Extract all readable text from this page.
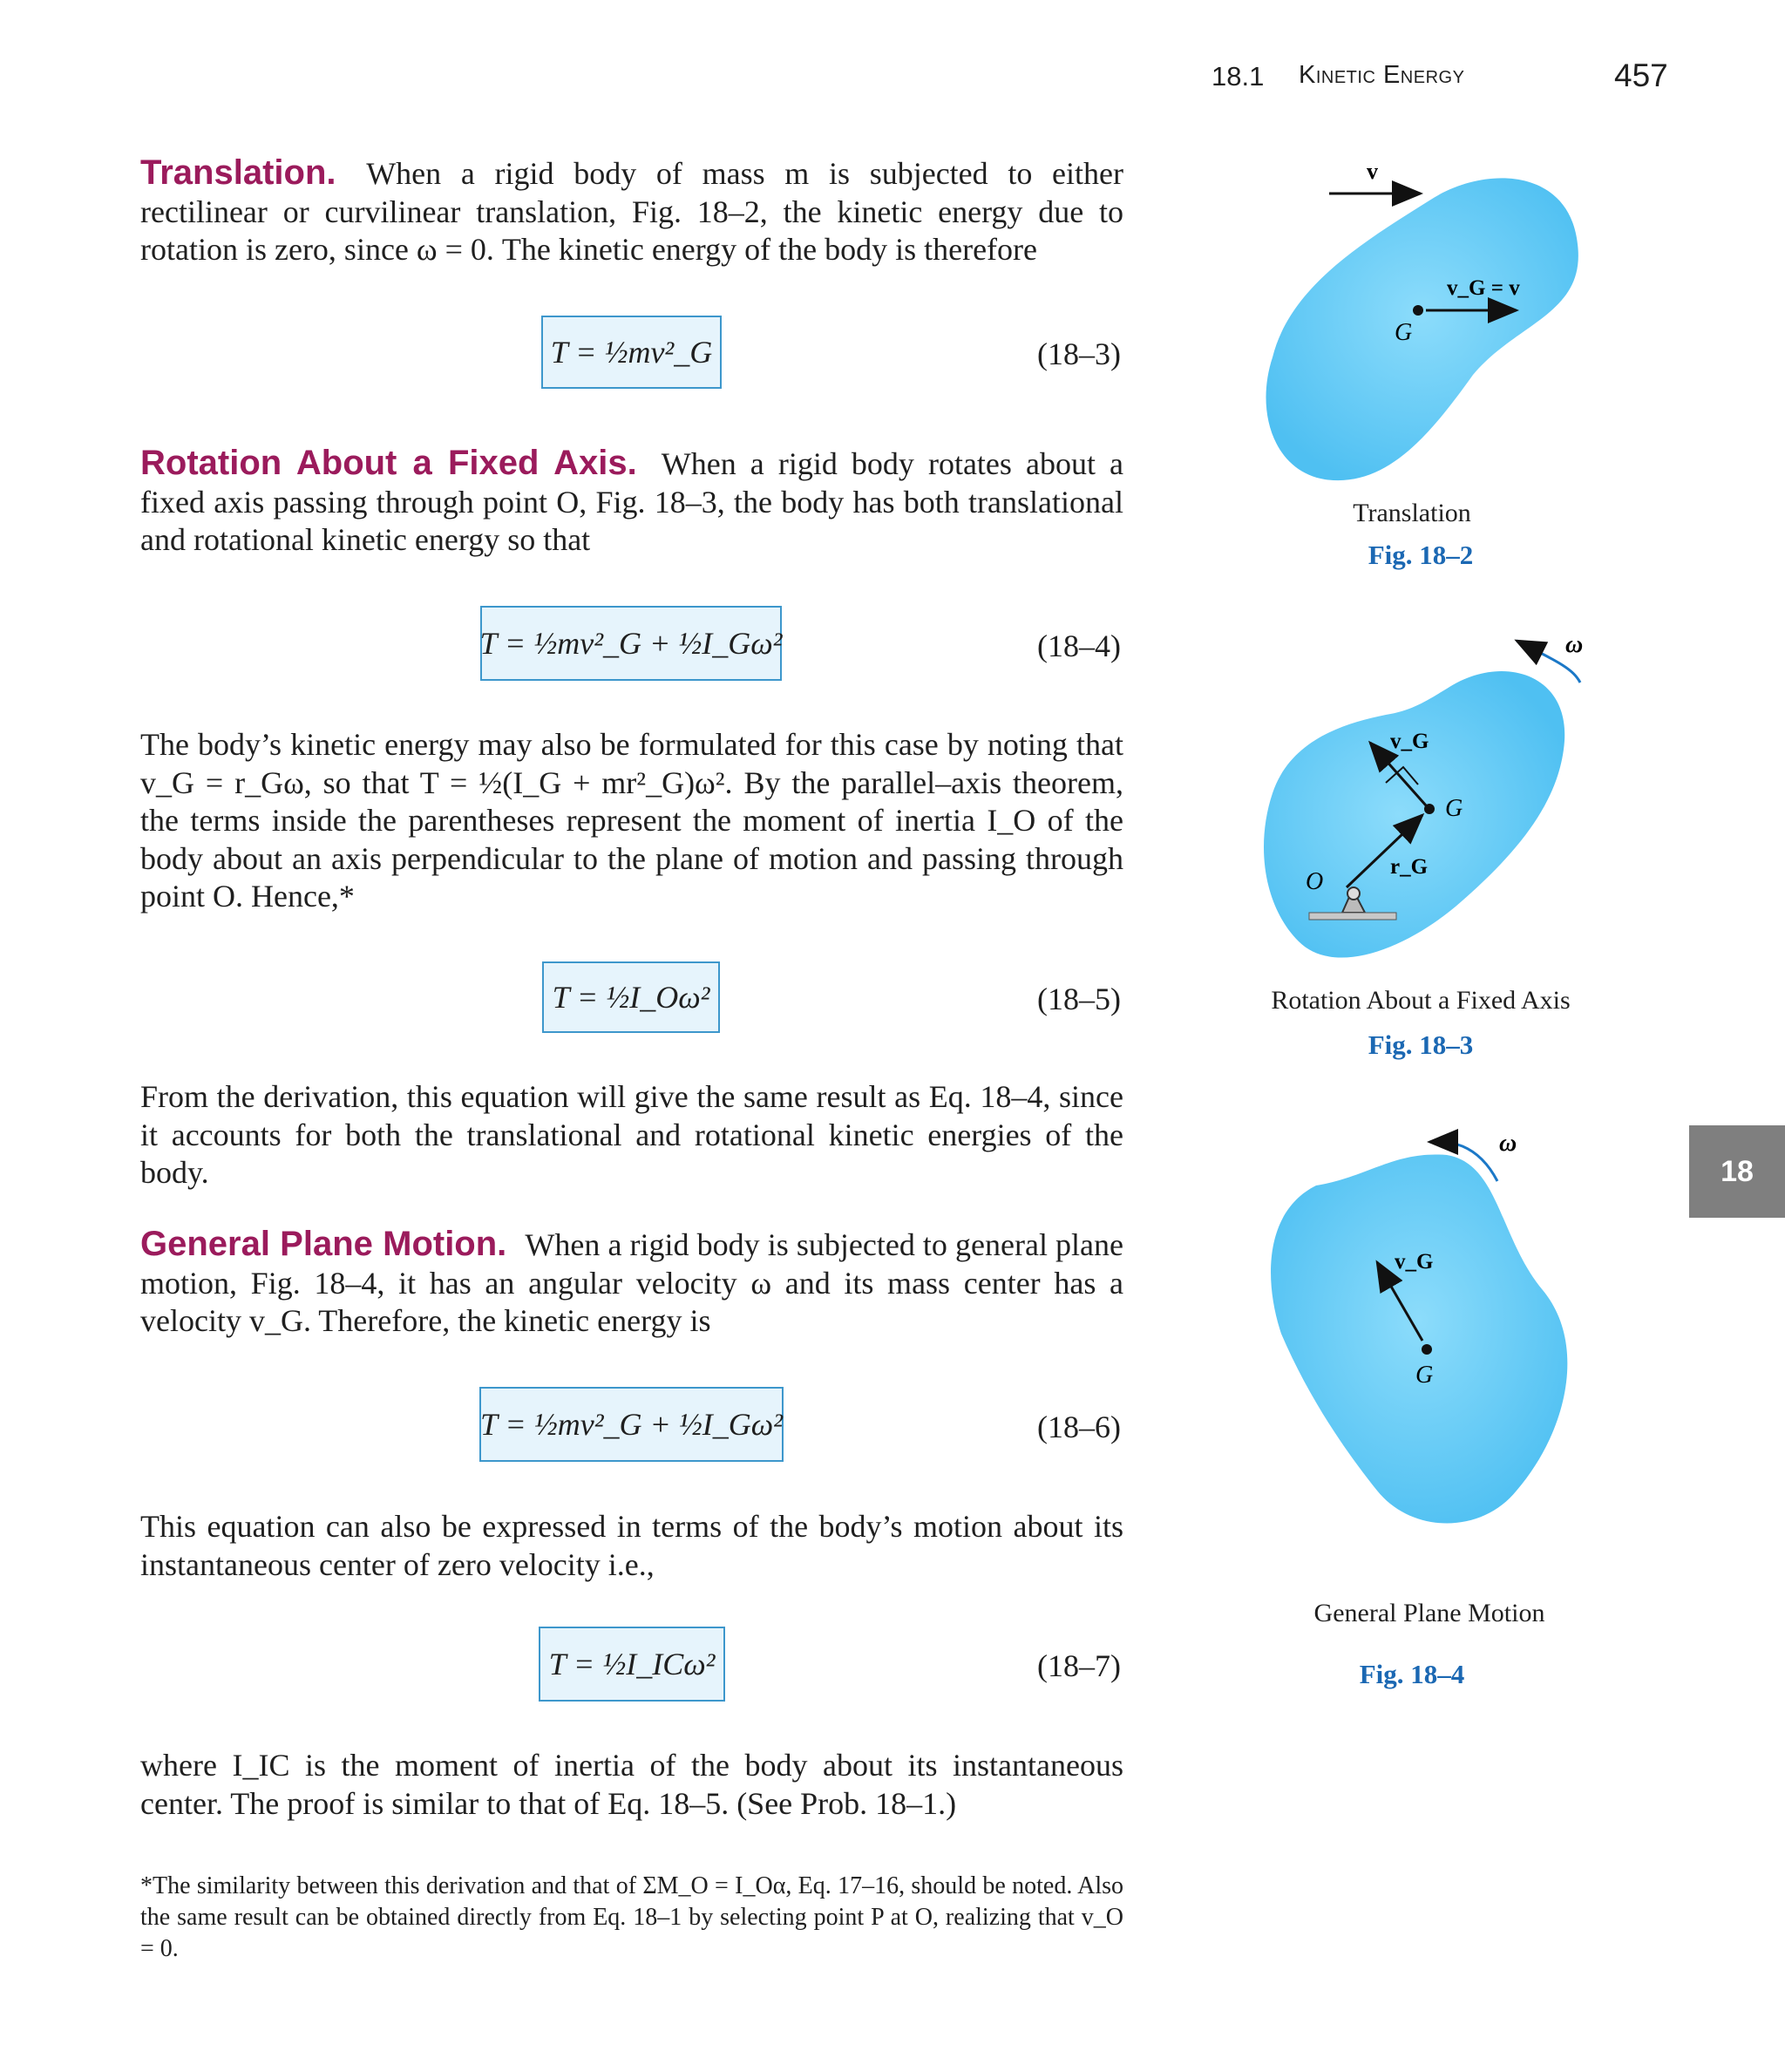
18.1 Kinetic Energy	457
Translation. When a rigid body of mass m is subjected to either rectilinear or curvilinear translation, Fig. 18–2, the kinetic energy due to rotation is zero, since ω = 0. The kinetic energy of the body is therefore
T = ½mv²_G	(18–3)
Rotation About a Fixed Axis. When a rigid body rotates about a fixed axis passing through point O, Fig. 18–3, the body has both translational and rotational kinetic energy so that
T = ½mv²_G + ½I_Gω²	(18–4)
The body’s kinetic energy may also be formulated for this case by noting that v_G = r_Gω, so that T = ½(I_G + mr²_G)ω². By the parallel–axis theorem, the terms inside the parentheses represent the moment of inertia I_O of the body about an axis perpendicular to the plane of motion and passing through point O. Hence,*
T = ½I_Oω²	(18–5)
From the derivation, this equation will give the same result as Eq. 18–4, since it accounts for both the translational and rotational kinetic energies of the body.
General Plane Motion. When a rigid body is subjected to general plane motion, Fig. 18–4, it has an angular velocity ω and its mass center has a velocity v_G. Therefore, the kinetic energy is
T = ½mv²_G + ½I_Gω²	(18–6)
This equation can also be expressed in terms of the body’s motion about its instantaneous center of zero velocity i.e.,
T = ½I_ICω²	(18–7)
where I_IC is the moment of inertia of the body about its instantaneous center. The proof is similar to that of Eq. 18–5. (See Prob. 18–1.)
*The similarity between this derivation and that of ΣM_O = I_Oα, Eq. 17–16, should be noted. Also the same result can be obtained directly from Eq. 18–1 by selecting point P at O, realizing that v_O = 0.
v
v_G = v
G
Translation
Fig. 18–2
ω
G
r_G
v_G
O
Rotation About a Fixed Axis
Fig. 18–3
ω
G
v_G
General Plane Motion
Fig. 18–4
18
